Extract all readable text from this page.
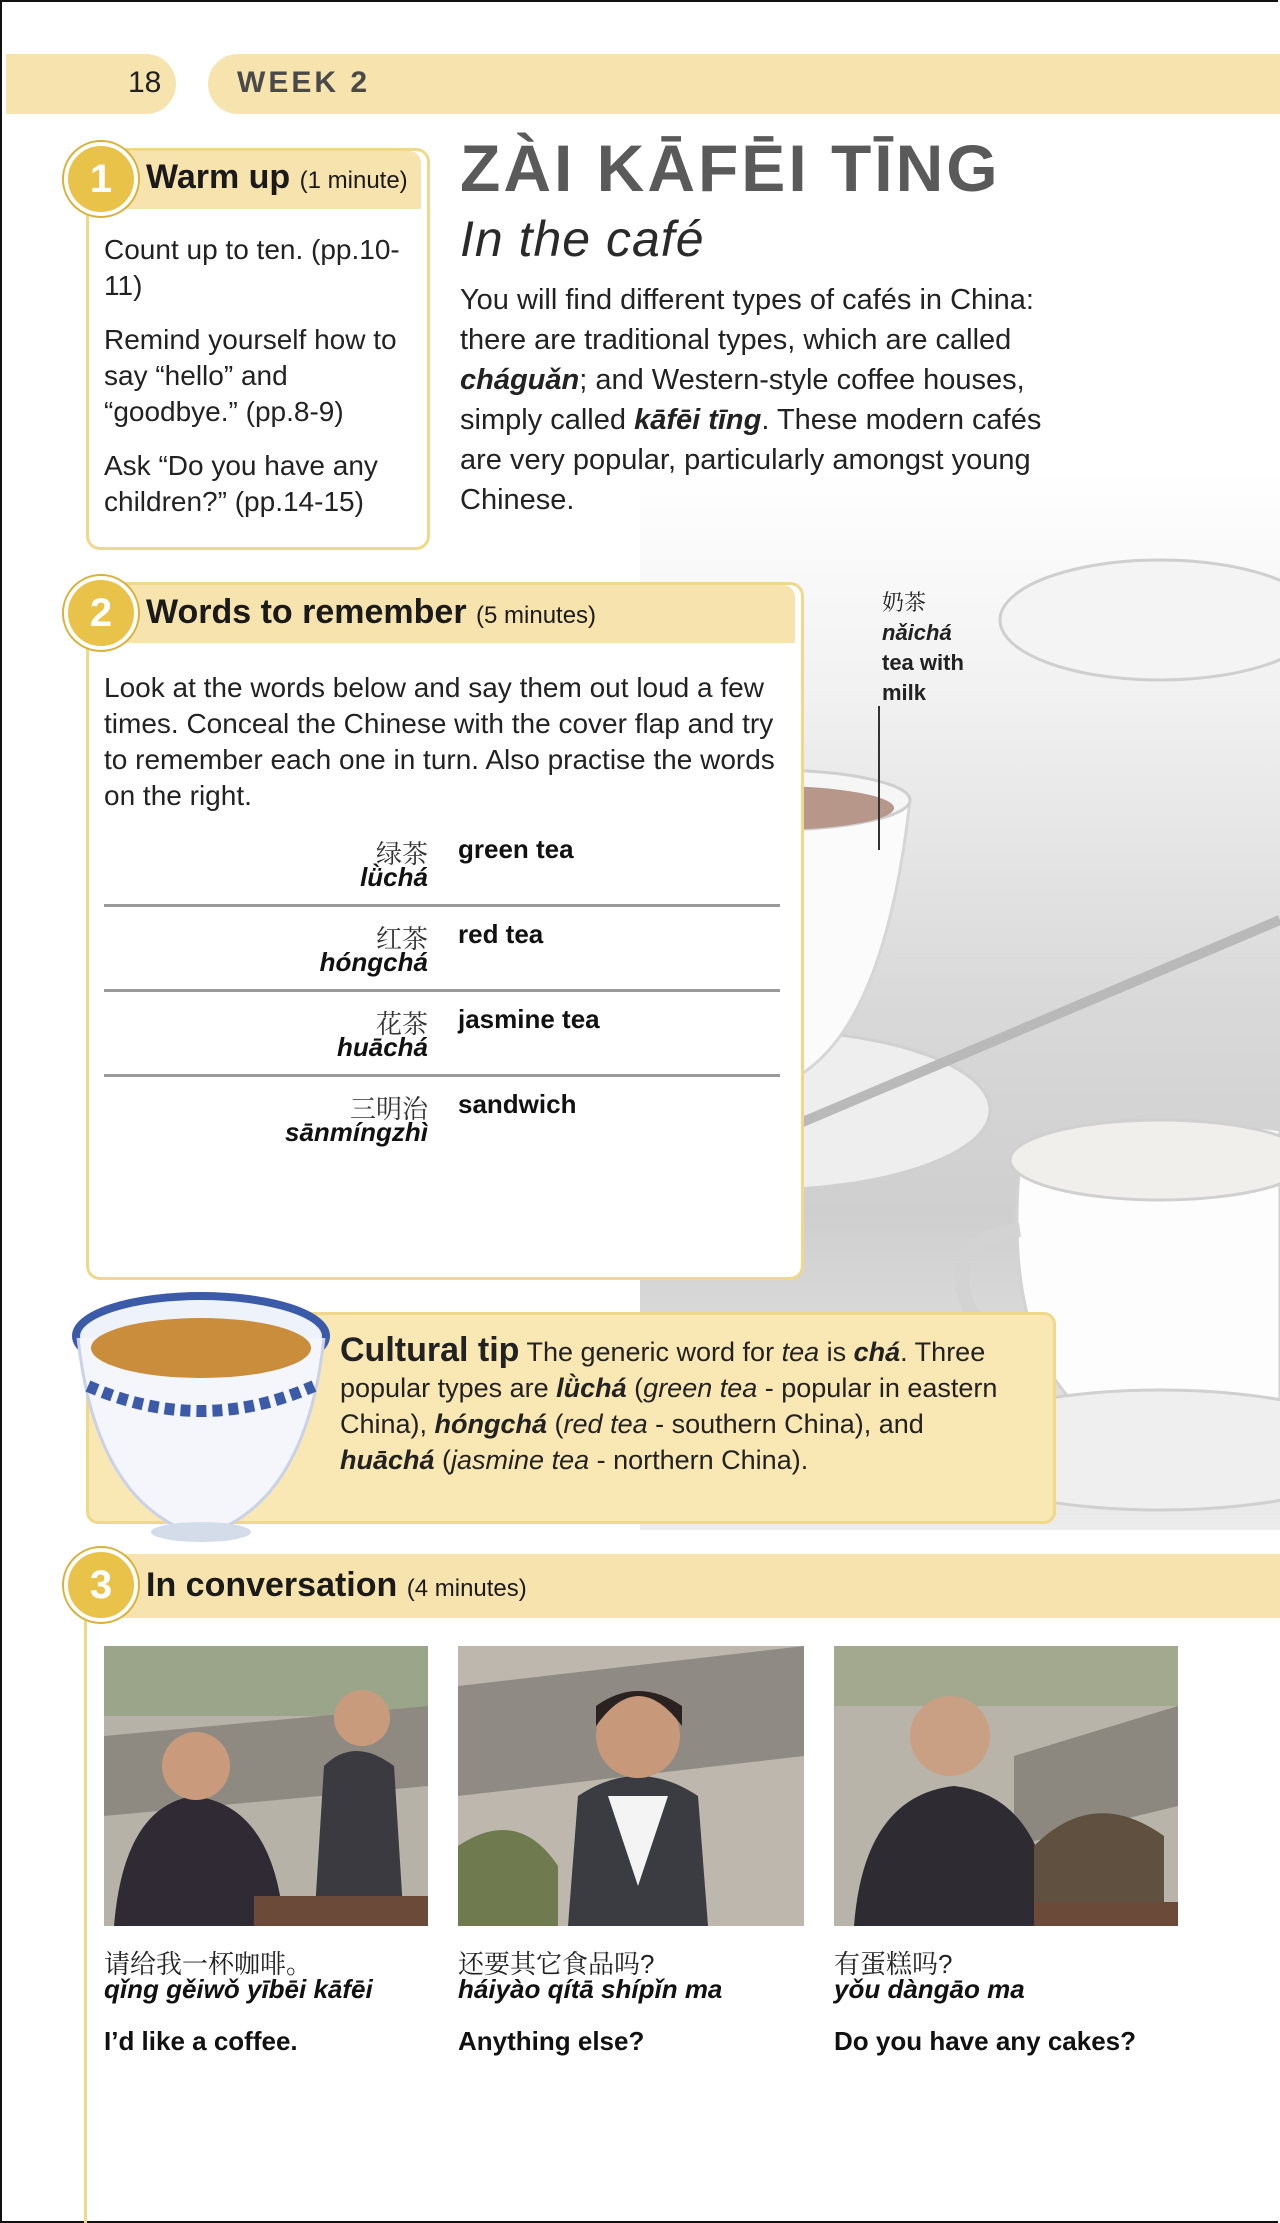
18	WEEK 2
ZÀI KĀFĒI TĪNG
In the café
You will find different types of cafés in China: there are traditional types, which are called cháguǎn; and Western-style coffee houses, simply called kāfēi tīng. These modern cafés are very popular, particularly amongst young Chinese.
1 Warm up (1 minute)
Count up to ten. (pp.10-11)
Remind yourself how to say “hello” and “goodbye.” (pp.8-9)
Ask “Do you have any children?” (pp.14-15)
2 Words to remember (5 minutes)
Look at the words below and say them out loud a few times. Conceal the Chinese with the cover flap and try to remember each one in turn. Also practise the words on the right.
绿茶
lǜchá
green tea
红茶
hóngchá
red tea
花茶
huāchá
jasmine tea
三明治
sānmíngzhì
sandwich
奶茶
nǎichá
tea with
milk
Cultural tip The generic word for tea is chá. Three popular types are lǜchá (green tea - popular in eastern China), hóngchá (red tea - southern China), and huāchá (jasmine tea - northern China).
3 In conversation (4 minutes)
请给我一杯咖啡。
qǐng gěiwǒ yībēi kāfēi
I’d like a coffee.
还要其它食品吗?
háiyào qítā shípǐn ma
Anything else?
有蛋糕吗?
yǒu dàngāo ma
Do you have any cakes?
